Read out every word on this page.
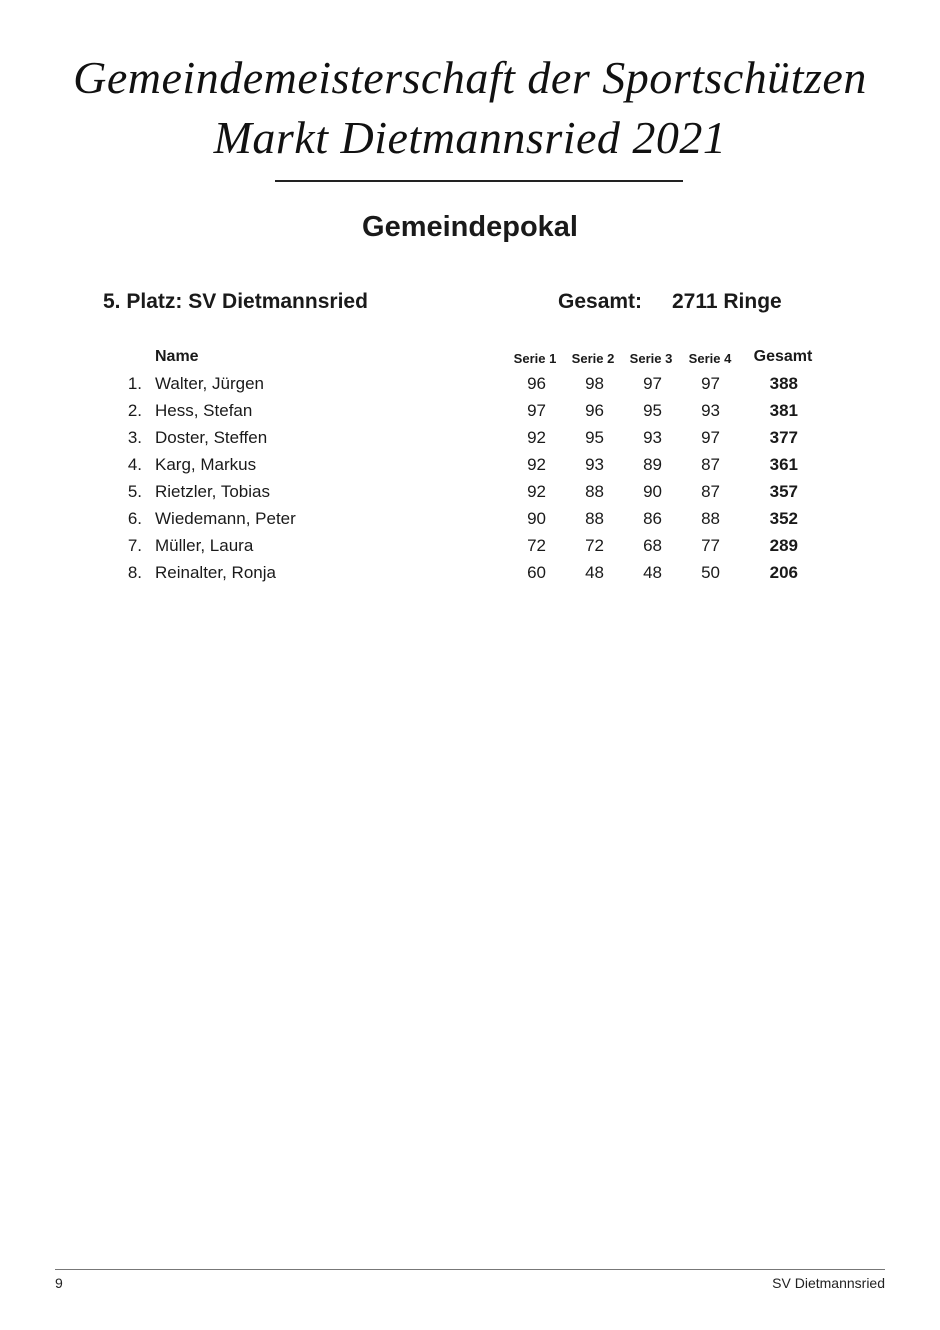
Gemeindemeisterschaft der Sportschützen
Markt Dietmannsried 2021
Gemeindepokal
5. Platz: SV Dietmannsried	Gesamt: 2711 Ringe
Name	Serie 1	Serie 2	Serie 3	Serie 4	Gesamt
1. Walter, Jürgen	96	98	97	97	388
2. Hess, Stefan	97	96	95	93	381
3. Doster, Steffen	92	95	93	97	377
4. Karg, Markus	92	93	89	87	361
5. Rietzler, Tobias	92	88	90	87	357
6. Wiedemann, Peter	90	88	86	88	352
7. Müller, Laura	72	72	68	77	289
8. Reinalter, Ronja	60	48	48	50	206
9	SV Dietmannsried
